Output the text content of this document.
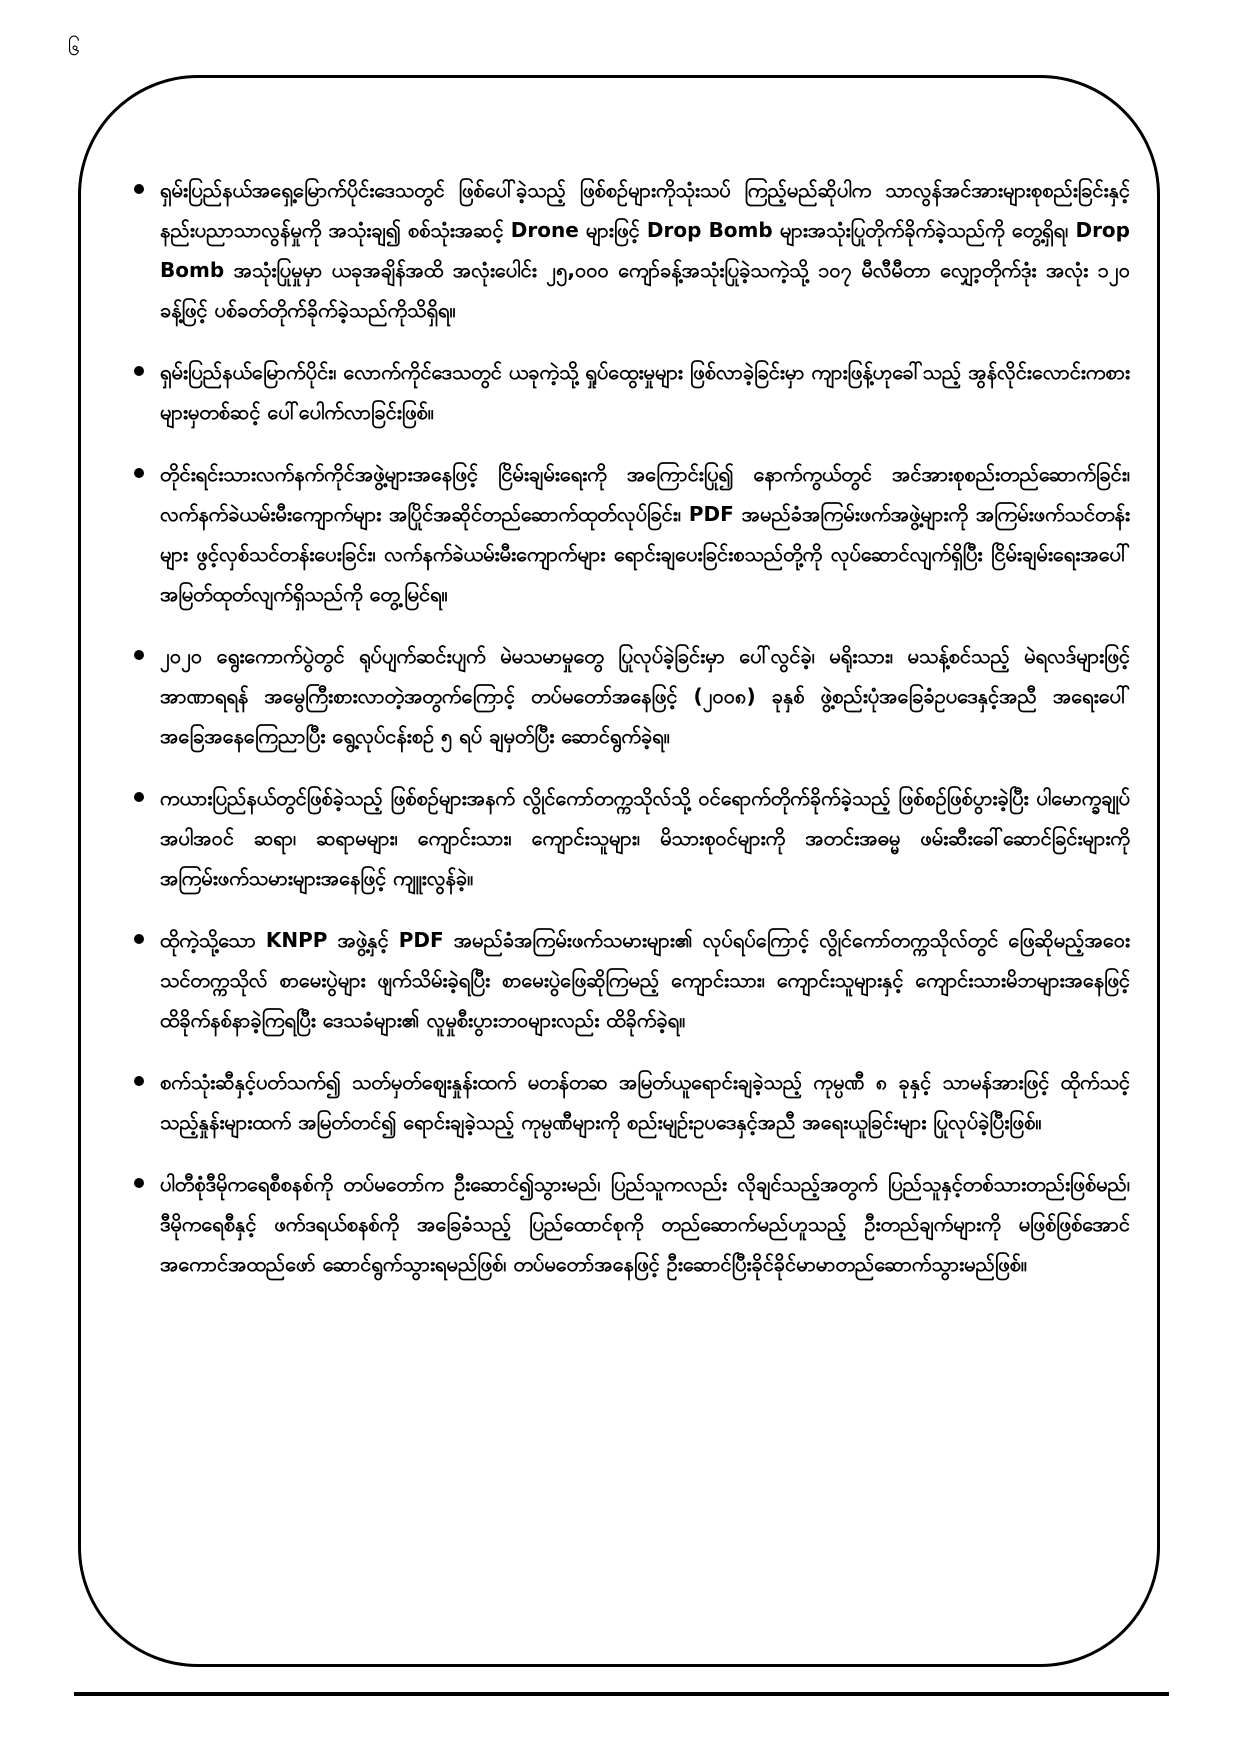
၆
ရှမ်းပြည်နယ်အရှေ့မြောက်ပိုင်းဒေသတွင် ဖြစ်ပေါ်ခဲ့သည့် ဖြစ်စဉ်များကိုသုံးသပ် ကြည့်မည်ဆိုပါက သာလွန်အင်အားများစုစည်းခြင်းနှင့် နည်းပညာသာလွန်မှုကို အသုံးချ၍ စစ်သုံးအဆင့် Drone များဖြင့် Drop Bomb များအသုံးပြုတိုက်ခိုက်ခဲ့သည်ကို တွေ့ရှိရ၊ Drop Bomb အသုံးပြုမှုမှာ ယခုအချိန်အထိ အလုံးပေါင်း ၂၅,၀၀၀ ကျော်ခန့်အသုံးပြုခဲ့သကဲ့သို့ ၁၀၇ မီလီမီတာ လျှော့တိုက်ဒုံး အလုံး ၁၂၀ ခန့်ဖြင့် ပစ်ခတ်တိုက်ခိုက်ခဲ့သည်ကိုသိရှိရ။
ရှမ်းပြည်နယ်မြောက်ပိုင်း၊ လောက်ကိုင်ဒေသတွင် ယခုကဲ့သို့ ရှုပ်ထွေးမှုများ ဖြစ်လာခဲ့ခြင်းမှာ ကျားဖြန့်ဟုခေါ်သည့် အွန်လိုင်းလောင်းကစားများမှတစ်ဆင့် ပေါ်ပေါက်လာခြင်းဖြစ်။
တိုင်းရင်းသားလက်နက်ကိုင်အဖွဲ့များအနေဖြင့် ငြိမ်းချမ်းရေးကို အကြောင်းပြု၍ နောက်ကွယ်တွင် အင်အားစုစည်းတည်ဆောက်ခြင်း၊ လက်နက်ခဲယမ်းမီးကျောက်များ အပြိုင်အဆိုင်တည်ဆောက်ထုတ်လုပ်ခြင်း၊ PDF အမည်ခံအကြမ်းဖက်အဖွဲ့များကို အကြမ်းဖက်သင်တန်းများ ဖွင့်လှစ်သင်တန်းပေးခြင်း၊ လက်နက်ခဲယမ်းမီးကျောက်များ ရောင်းချပေးခြင်းစသည်တို့ကို လုပ်ဆောင်လျက်ရှိပြီး ငြိမ်းချမ်းရေးအပေါ် အမြတ်ထုတ်လျက်ရှိသည်ကို တွေ့မြင်ရ။
၂၀၂၀ ရွေးကောက်ပွဲတွင် ရုပ်ပျက်ဆင်းပျက် မဲမသမာမှုတွေ ပြုလုပ်ခဲ့ခြင်းမှာ ပေါ်လွင်ခဲ့၊ မရိုးသား၊ မသန့်စင်သည့် မဲရလဒ်များဖြင့် အာဏာရရန် အမွေကြီးစားလာတဲ့အတွက်ကြောင့် တပ်မတော်အနေဖြင့် (၂၀၀၈) ခုနှစ် ဖွဲ့စည်းပုံအခြေခံဥပဒေနှင့်အညီ အရေးပေါ်အခြေအနေကြေညာပြီး ရွေ့လုပ်ငန်းစဉ် ၅ ရပ် ချမှတ်ပြီး ဆောင်ရွက်ခဲ့ရ။
ကယားပြည်နယ်တွင်ဖြစ်ခဲ့သည့် ဖြစ်စဉ်များအနက် လွိုင်ကော်တက္ကသိုလ်သို့ ဝင်ရောက်တိုက်ခိုက်ခဲ့သည့် ဖြစ်စဉ်ဖြစ်ပွားခဲ့ပြီး ပါမောက္ခချုပ်အပါအဝင် ဆရာ၊ ဆရာမများ၊ ကျောင်းသား၊ ကျောင်းသူများ၊ မိသားစုဝင်များကို အတင်းအဓမ္မ ဖမ်းဆီးခေါ်ဆောင်ခြင်းများကို အကြမ်းဖက်သမားများအနေဖြင့် ကျူးလွန်ခဲ့။
ထိုကဲ့သို့သော KNPP အဖွဲ့နှင့် PDF အမည်ခံအကြမ်းဖက်သမားများ၏ လုပ်ရပ်ကြောင့် လွိုင်ကော်တက္ကသိုလ်တွင် ဖြေဆိုမည့်အဝေးသင်တက္ကသိုလ် စာမေးပွဲများ ဖျက်သိမ်းခဲ့ရပြီး စာမေးပွဲဖြေဆိုကြမည့် ကျောင်းသား၊ ကျောင်းသူများနှင့် ကျောင်းသားမိဘများအနေဖြင့် ထိခိုက်နစ်နာခဲ့ကြရပြီး ဒေသခံများ၏ လူမှုစီးပွားဘဝများလည်း ထိခိုက်ခဲ့ရ။
စက်သုံးဆီနှင့်ပတ်သက်၍ သတ်မှတ်ဈေးနှုန်းထက် မတန်တဆ အမြတ်ယူရောင်းချခဲ့သည့် ကုမ္ပဏီ ၈ ခုနှင့် သာမန်အားဖြင့် ထိုက်သင့်သည့်နှုန်းများထက် အမြတ်တင်၍ ရောင်းချခဲ့သည့် ကုမ္ပဏီများကို စည်းမျဉ်းဥပဒေနှင့်အညီ အရေးယူခြင်းများ ပြုလုပ်ခဲ့ပြီးဖြစ်။
ပါတီစုံဒီမိုကရေစီစနစ်ကို တပ်မတော်က ဦးဆောင်၍သွားမည်၊ ပြည်သူကလည်း လိုချင်သည့်အတွက် ပြည်သူနှင့်တစ်သားတည်းဖြစ်မည်၊ ဒီမိုကရေစီနှင့် ဖက်ဒရယ်စနစ်ကို အခြေခံသည့် ပြည်ထောင်စုကို တည်ဆောက်မည်ဟူသည့် ဦးတည်ချက်များကို မဖြစ်ဖြစ်အောင် အကောင်အထည်ဖော် ဆောင်ရွက်သွားရမည်ဖြစ်၊ တပ်မတော်အနေဖြင့် ဦးဆောင်ပြီးခိုင်ခိုင်မာမာတည်ဆောက်သွားမည်ဖြစ်။
